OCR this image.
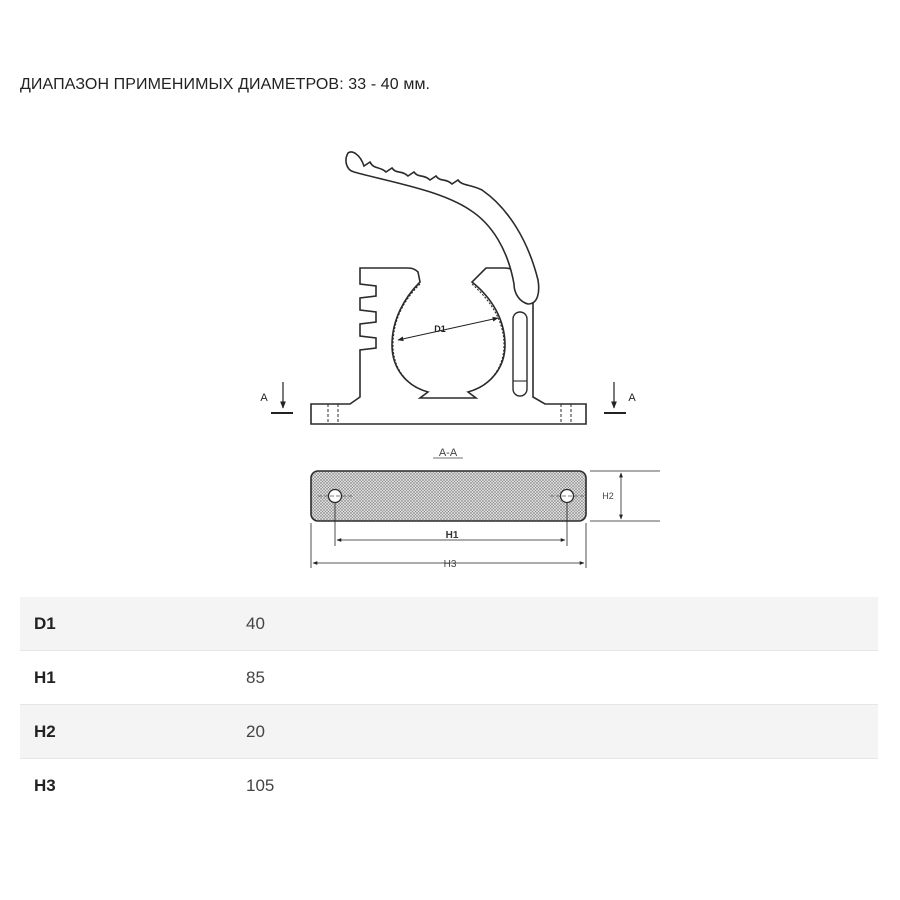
ДИАПАЗОН ПРИМЕНИМЫХ ДИАМЕТРОВ: 33 - 40 мм.
D1
A	A
A-A
H2
H1
H3
D1	40
H1	85
H2	20
H3	105
